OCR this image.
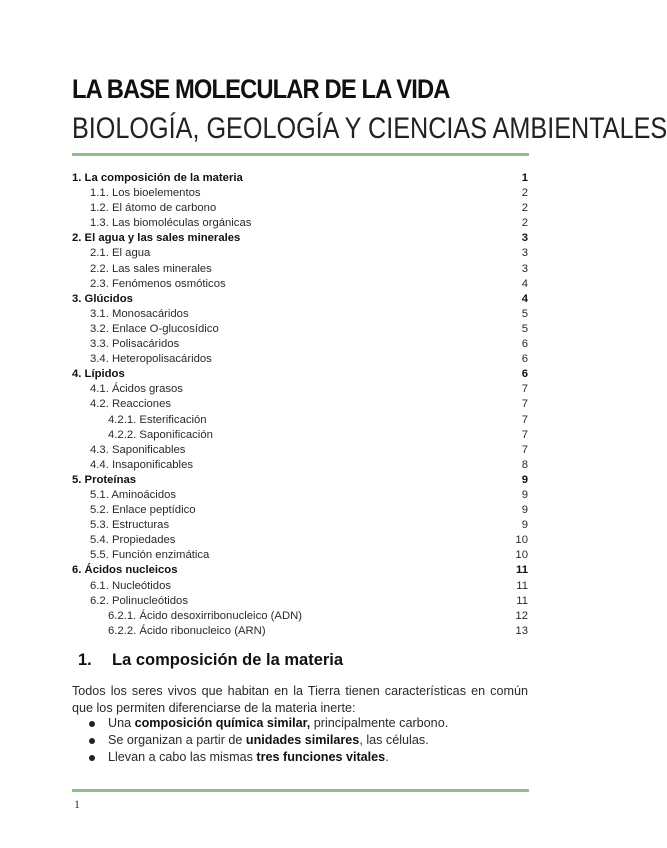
LA BASE MOLECULAR DE LA VIDA
BIOLOGÍA, GEOLOGÍA Y CIENCIAS AMBIENTALES
1. La composición de la materia	1
1.1. Los bioelementos	2
1.2. El átomo de carbono	2
1.3. Las biomoléculas orgánicas	2
2. El agua y las sales minerales	3
2.1. El agua	3
2.2. Las sales minerales	3
2.3. Fenómenos osmóticos	4
3. Glúcidos	4
3.1. Monosacáridos	5
3.2. Enlace O-glucosídico	5
3.3. Polisacáridos	6
3.4. Heteropolisacáridos	6
4. Lípidos	6
4.1. Ácidos grasos	7
4.2. Reacciones	7
4.2.1. Esterificación	7
4.2.2. Saponificación	7
4.3. Saponificables	7
4.4. Insaponificables	8
5. Proteínas	9
5.1. Aminoácidos	9
5.2. Enlace peptídico	9
5.3. Estructuras	9
5.4. Propiedades	10
5.5. Función enzimática	10
6. Ácidos nucleicos	11
6.1. Nucleótidos	11
6.2. Polinucleótidos	11
6.2.1. Ácido desoxirribonucleico (ADN)	12
6.2.2. Ácido ribonucleico (ARN)	13
1. La composición de la materia
Todos los seres vivos que habitan en la Tierra tienen características en común que los permiten diferenciarse de la materia inerte:
Una composición química similar, principalmente carbono.
Se organizan a partir de unidades similares, las células.
Llevan a cabo las mismas tres funciones vitales.
1
